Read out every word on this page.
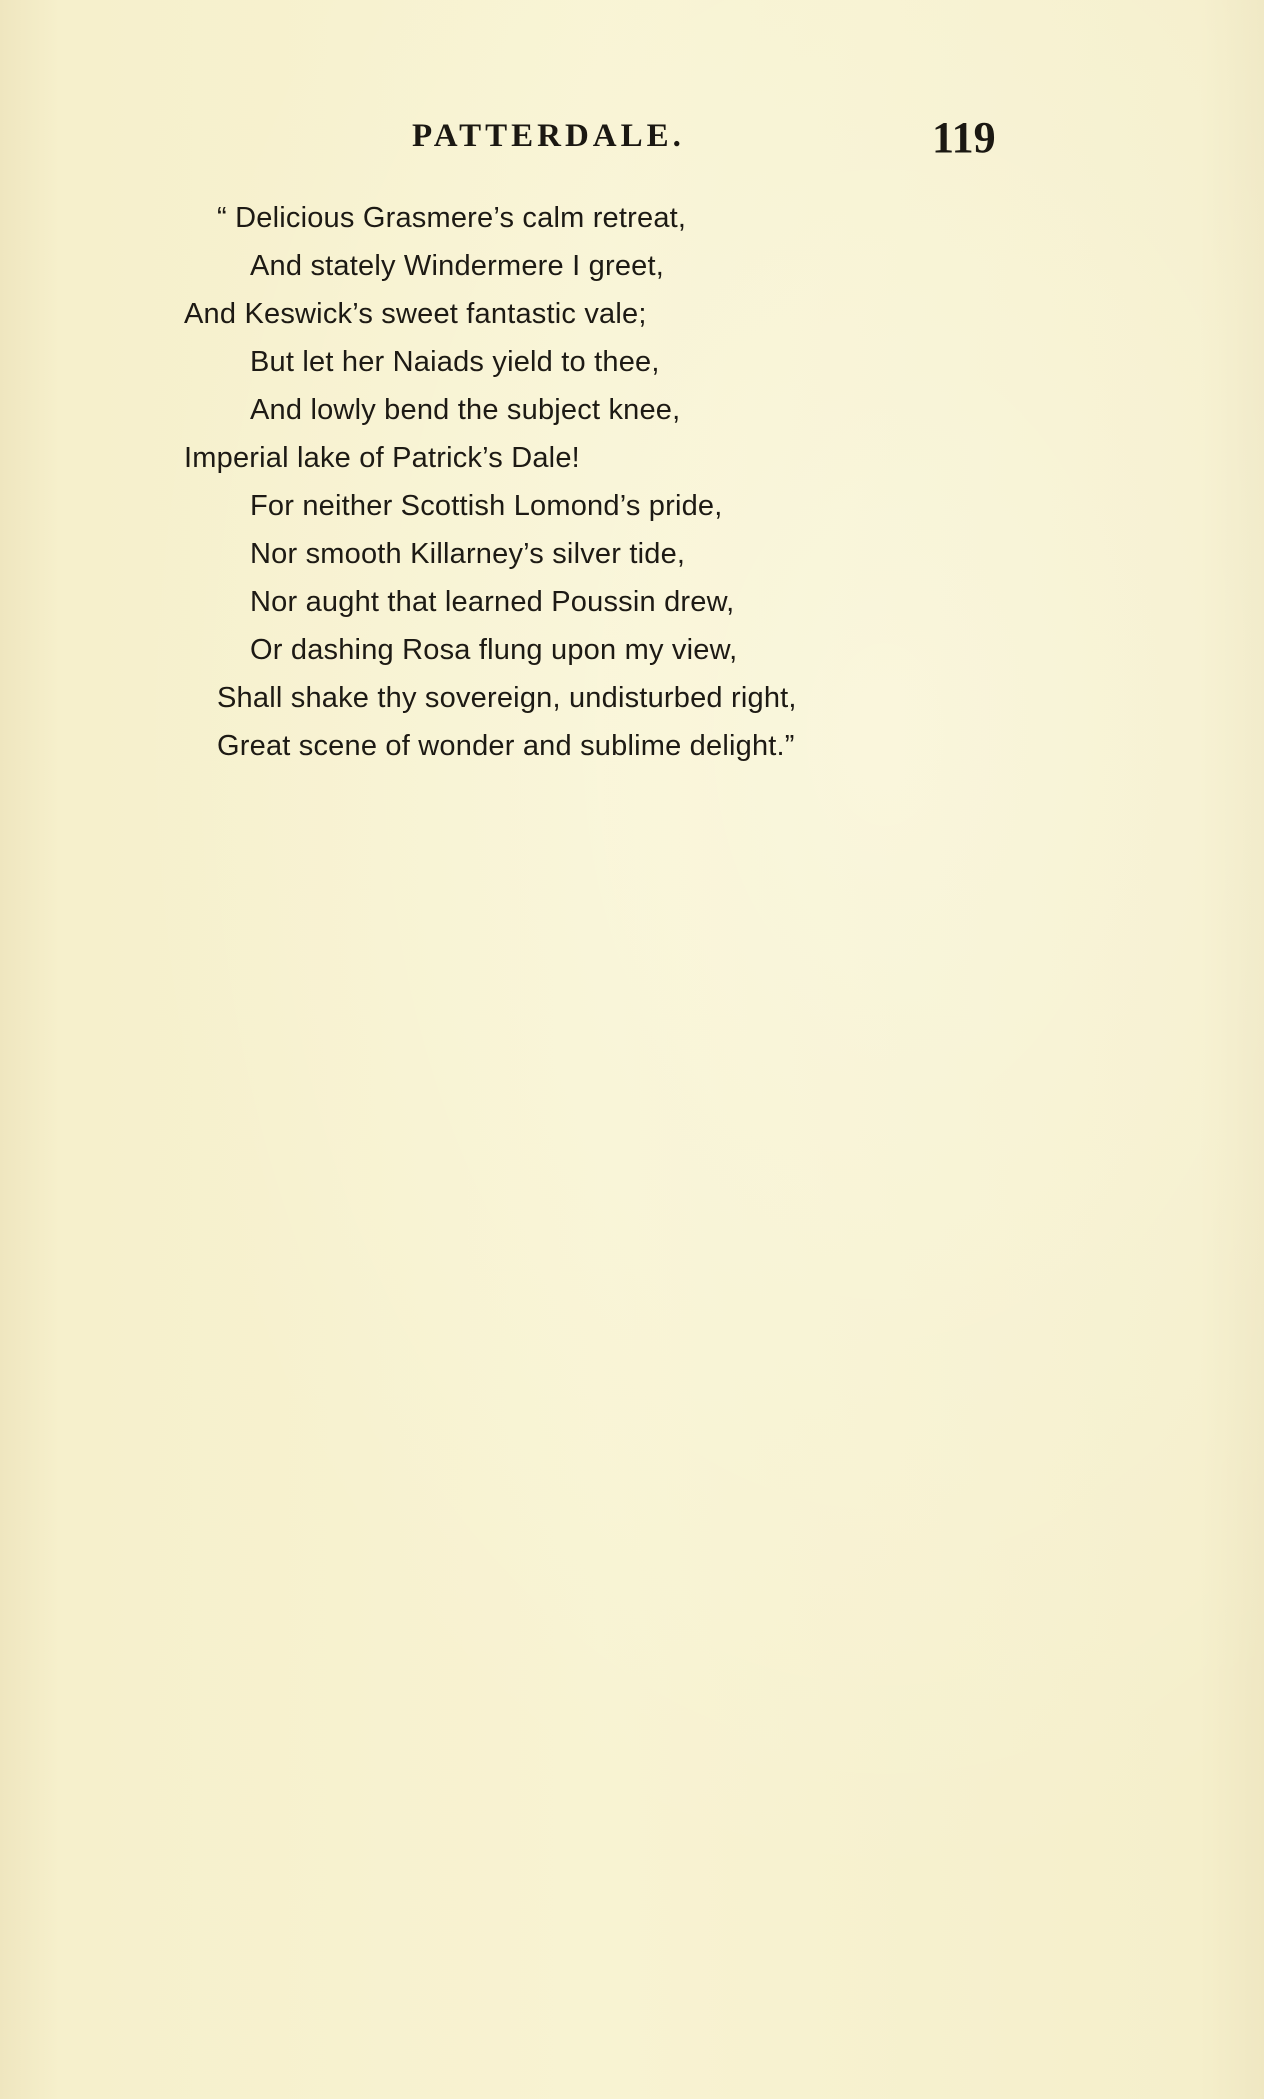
PATTERDALE.	119
“ Delicious Grasmere’s calm retreat,
And stately Windermere I greet,
And Keswick’s sweet fantastic vale;
But let her Naiads yield to thee,
And lowly bend the subject knee,
Imperial lake of Patrick’s Dale!
For neither Scottish Lomond’s pride,
Nor smooth Killarney’s silver tide,
Nor aught that learned Poussin drew,
Or dashing Rosa flung upon my view,
Shall shake thy sovereign, undisturbed right,
Great scene of wonder and sublime delight.”
